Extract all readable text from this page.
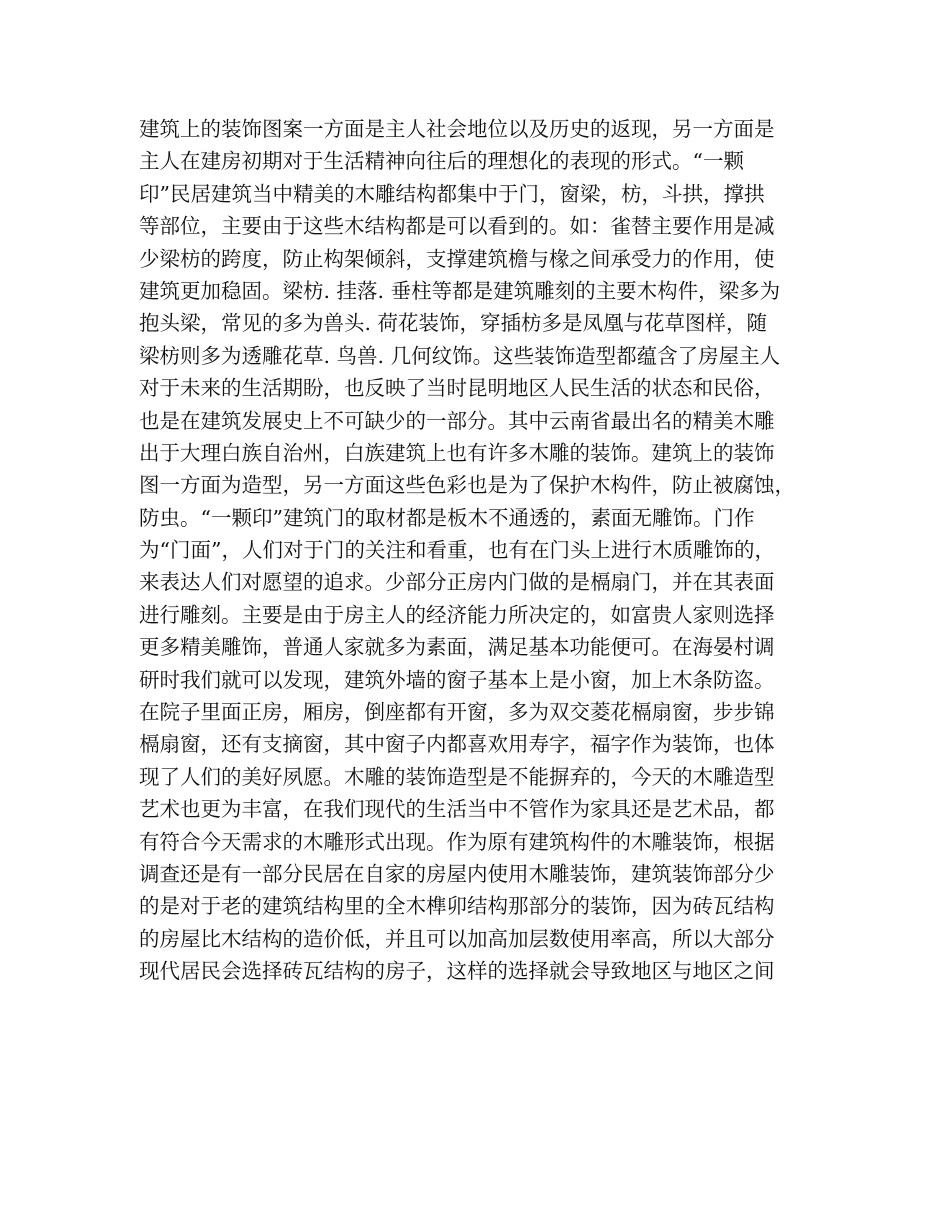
建筑上的装饰图案一方面是主人社会地位以及历史的返现，另一方面是
主人在建房初期对于生活精神向往后的理想化的表现的形式。“一颗
印”民居建筑当中精美的木雕结构都集中于门，窗梁，枋，斗拱，撑拱
等部位，主要由于这些木结构都是可以看到的。如：雀替主要作用是减
少梁枋的跨度，防止构架倾斜，支撑建筑檐与椽之间承受力的作用，使
建筑更加稳固。梁枋. 挂落. 垂柱等都是建筑雕刻的主要木构件，梁多为
抱头梁，常见的多为兽头. 荷花装饰，穿插枋多是凤凰与花草图样，随
梁枋则多为透雕花草. 鸟兽. 几何纹饰。这些装饰造型都蕴含了房屋主人
对于未来的生活期盼，也反映了当时昆明地区人民生活的状态和民俗，
也是在建筑发展史上不可缺少的一部分。其中云南省最出名的精美木雕
出于大理白族自治州，白族建筑上也有许多木雕的装饰。建筑上的装饰
图一方面为造型，另一方面这些色彩也是为了保护木构件，防止被腐蚀，
防虫。“一颗印”建筑门的取材都是板木不通透的，素面无雕饰。门作
为“门面”，人们对于门的关注和看重，也有在门头上进行木质雕饰的，
来表达人们对愿望的追求。少部分正房内门做的是槅扇门，并在其表面
进行雕刻。主要是由于房主人的经济能力所决定的，如富贵人家则选择
更多精美雕饰，普通人家就多为素面，满足基本功能便可。在海晏村调
研时我们就可以发现，建筑外墙的窗子基本上是小窗，加上木条防盗。
在院子里面正房，厢房，倒座都有开窗，多为双交菱花槅扇窗，步步锦
槅扇窗，还有支摘窗，其中窗子内都喜欢用寿字，福字作为装饰，也体
现了人们的美好夙愿。木雕的装饰造型是不能摒弃的，今天的木雕造型
艺术也更为丰富，在我们现代的生活当中不管作为家具还是艺术品，都
有符合今天需求的木雕形式出现。作为原有建筑构件的木雕装饰，根据
调查还是有一部分民居在自家的房屋内使用木雕装饰，建筑装饰部分少
的是对于老的建筑结构里的全木榫卯结构那部分的装饰，因为砖瓦结构
的房屋比木结构的造价低，并且可以加高加层数使用率高，所以大部分
现代居民会选择砖瓦结构的房子，这样的选择就会导致地区与地区之间
